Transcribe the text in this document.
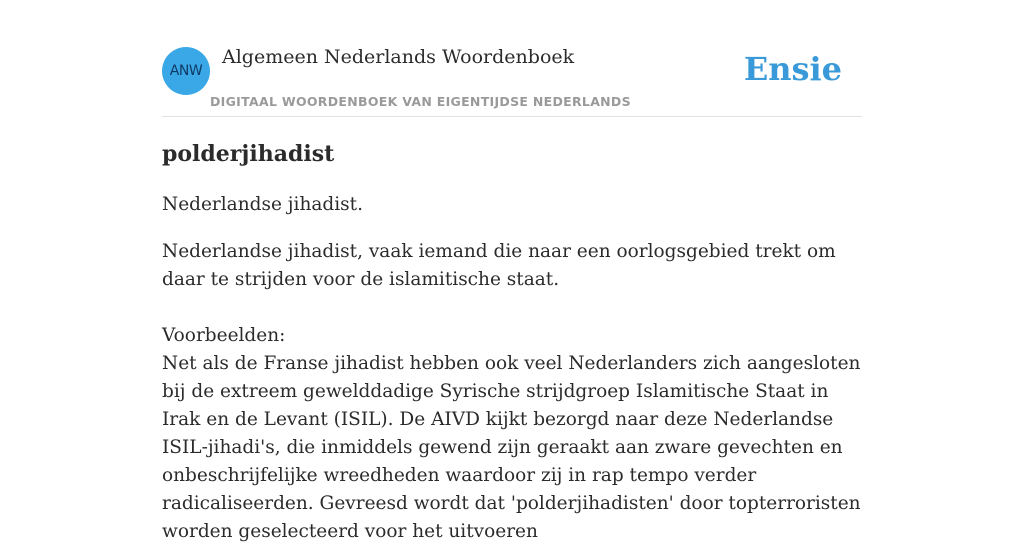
ANW
Algemeen Nederlands Woordenboek
DIGITAAL WOORDENBOEK VAN EIGENTIJDSE NEDERLANDS
Ensie
polderjihadist

Nederlandse jihadist.

Nederlandse jihadist, vaak iemand die naar een oorlogsgebied trekt om daar te strijden voor de islamitische staat.

Voorbeelden:

Net als de Franse jihadist hebben ook veel Nederlanders zich aangesloten bij de extreem gewelddadige Syrische strijdgroep Islamitische Staat in Irak en de Levant (ISIL). De AIVD kijkt bezorgd naar deze Nederlandse ISIL-jihadi's, die inmiddels gewend zijn geraakt aan zware gevechten en onbeschrijfelijke wreedheden waardoor zij in rap tempo verder radicaliseerden. Gevreesd wordt dat 'polderjihadisten' door topterroristen worden geselecteerd voor het uitvoeren
